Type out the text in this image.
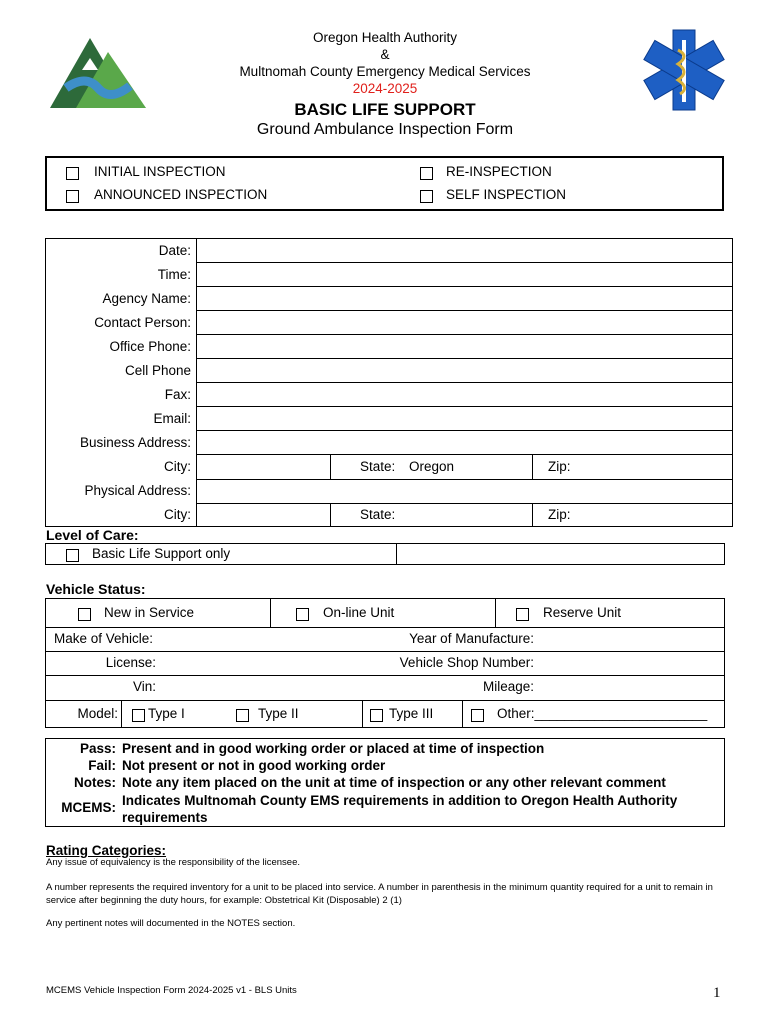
Oregon Health Authority
&
Multnomah County Emergency Medical Services
2024-2025
BASIC LIFE SUPPORT
Ground Ambulance Inspection Form
INITIAL INSPECTION	RE-INSPECTION
ANNOUNCED INSPECTION	SELF INSPECTION
Date:
Time:
Agency Name:
Contact Person:
Office Phone:
Cell Phone
Fax:
Email:
Business Address:
City:	State: Oregon	Zip:
Physical Address:
City:	State:	Zip:
Level of Care:
Basic Life Support only
Vehicle Status:
New in Service	On-line Unit	Reserve Unit
Make of Vehicle:	Year of Manufacture:
License:	Vehicle Shop Number:
Vin:	Mileage:
Model: Type I	Type II	Type III	Other:_______________________
Pass: Present and in good working order or placed at time of inspection
Fail: Not present or not in good working order
Notes: Note any item placed on the unit at time of inspection or any other relevant comment
MCEMS: Indicates Multnomah County EMS requirements in addition to Oregon Health Authority requirements
Rating Categories:
Any issue of equivalency is the responsibility of the licensee.
A number represents the required inventory for a unit to be placed into service. A number in parenthesis in the minimum quantity required for a unit to remain in service after beginning the duty hours, for example: Obstetrical Kit (Disposable) 2 (1)
Any pertinent notes will documented in the NOTES section.
MCEMS Vehicle Inspection Form 2024-2025 v1 - BLS Units	1
